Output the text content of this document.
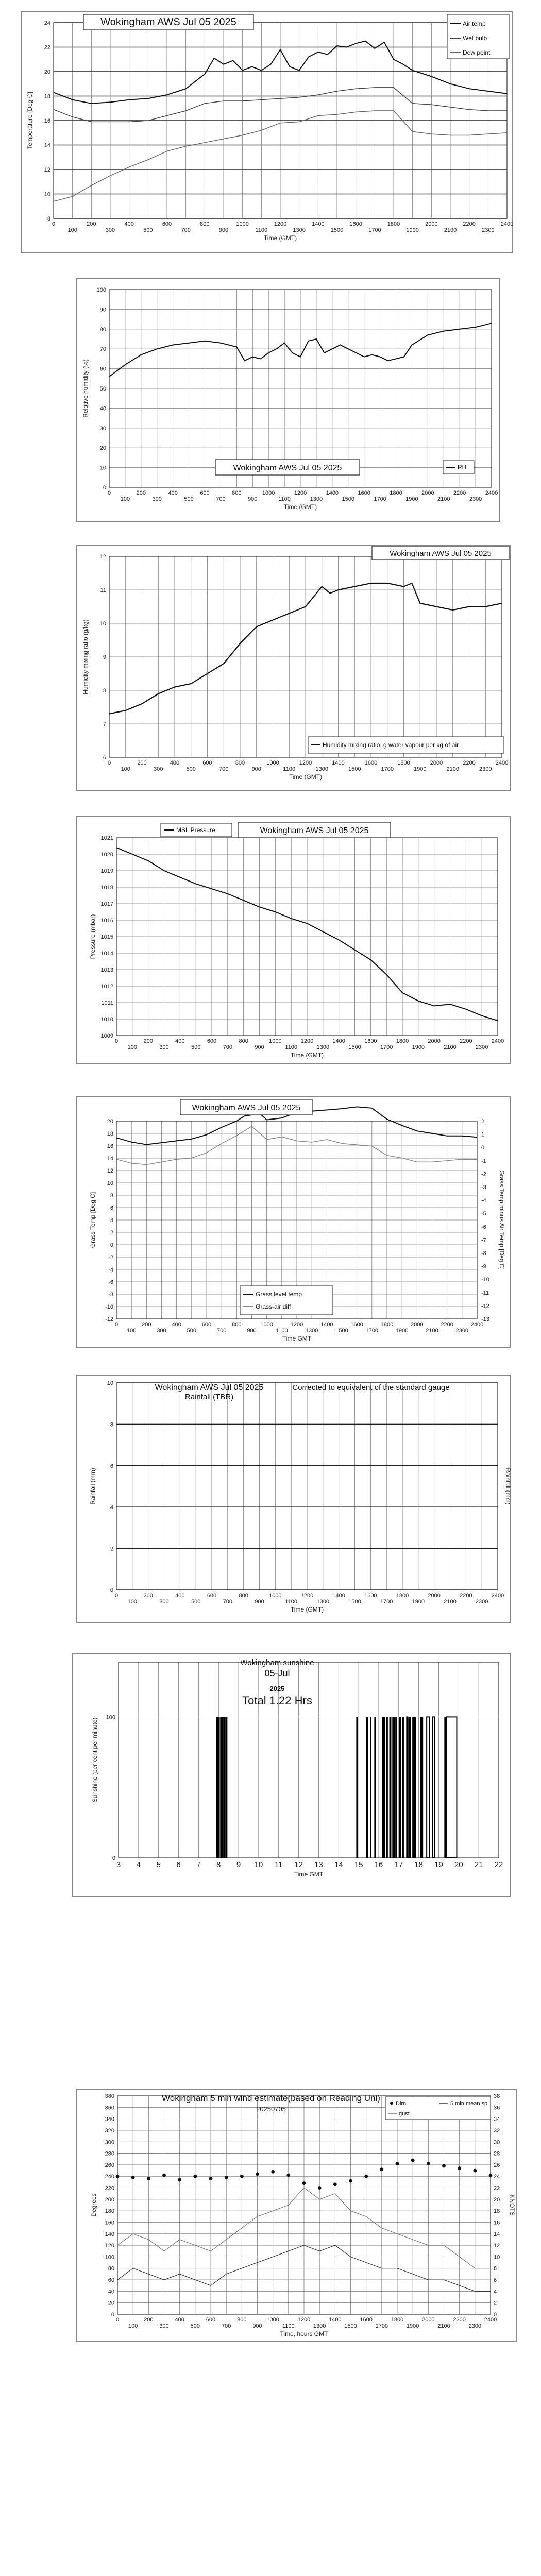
8
10
12
14
16
18
20
22
24
0
100
200
300
400
500
600
700
800
900
1000
1100
1200
1300
1400
1500
1600
1700
1800
1900
2000
2100
2200
2300
2400
Time (GMT)
Temperature [Deg C]
Wokingham AWS Jul 05 2025	Air temp
Wet bulb
Dew point
0
10
20
30
40
50
60
70
80
90
100
0
100
200
300
400
500
600
700
800
900
1000
1100
1200
1300
1400
1500
1600
1700
1800
1900
2000
2100
2200
2300
2400
Time (GMT)
Relative humidity (%)
Wokingham AWS Jul 05 2025	RH
6
7
8
9
10
11
12
0
100
200
300
400
500
600
700
800
900
1000
1100
1200
1300
1400
1500
1600
1700
1800
1900
2000
2100
2200
2300
2400
Time (GMT)
Humidity mixing ratio (g/kg)
Wokingham AWS Jul 05 2025
Humidity mixing ratio, g water vapour per kg of air
1009
1010
1011
1012
1013
1014
1015
1016
1017
1018
1019
1020
1021
0
100
200
300
400
500
600
700
800
900
1000
1100
1200
1300
1400
1500
1600
1700
1800
1900
2000
2100
2200
2300
2400
Time (GMT)
Pressure (mbar)
MSL Pressure	Wokingham AWS Jul 05 2025
-12
-10
-8
-6
-4
-2
0
2
4
6
8
10
12
14
16
18
20
0
100
200
300
400
500
600
700
800
900
1000
1100
1200
1300
1400
1500
1600
1700
1800
1900
2000
2100
2200
2300
2400
Time GMT
Grass Temp [Deg C]
-13
-12
-11
-10
-9
-8
-7
-6
-5
-4
-3
-2
-1
0
1
2
Grass Temp minus Air Temp [Deg C]
Wokingham AWS Jul 05 2025
Grass level temp
Grass-air diff
0
2
4
6
8
10
0
100
200
300
400
500
600
700
800
900
1000
1100
1200
1300
1400
1500
1600
1700
1800
1900
2000
2100
2200
2300
2400
Time (GMT)
Rainfall (mm)	Rainfall (mm)
Wokingham AWS Jul 05 2025
Rainfall (TBR)
Corrected to equivalent of the standard gauge
3 4 5 6 7 8 9 10 11 12 13 14 15 16 17 18 19 20 21 22
0
100
Wokingham sunshine
05-Jul
2025
Total 1.22 Hrs
Time GMT
Sunshine (per cent per minute)
0
20
40
60
80
100
120
140
160
180
200
220
240
260
280
300
320
340
360
380
0
100
200
300
400
500
600
700
800
900
1000
1100
1200
1300
1400
1500
1600
1700
1800
1900
2000
2100
2200
2300
2400
Time, hours GMT
Degrees
0
2
4
6
8
10
12
14
16
18
20
22
24
26
28
30
32
34
36
38
KNOTS
Wokingham 5 min wind estimate(based on Reading Uni)
20250705
Dirn	5 min mean sp
gust
